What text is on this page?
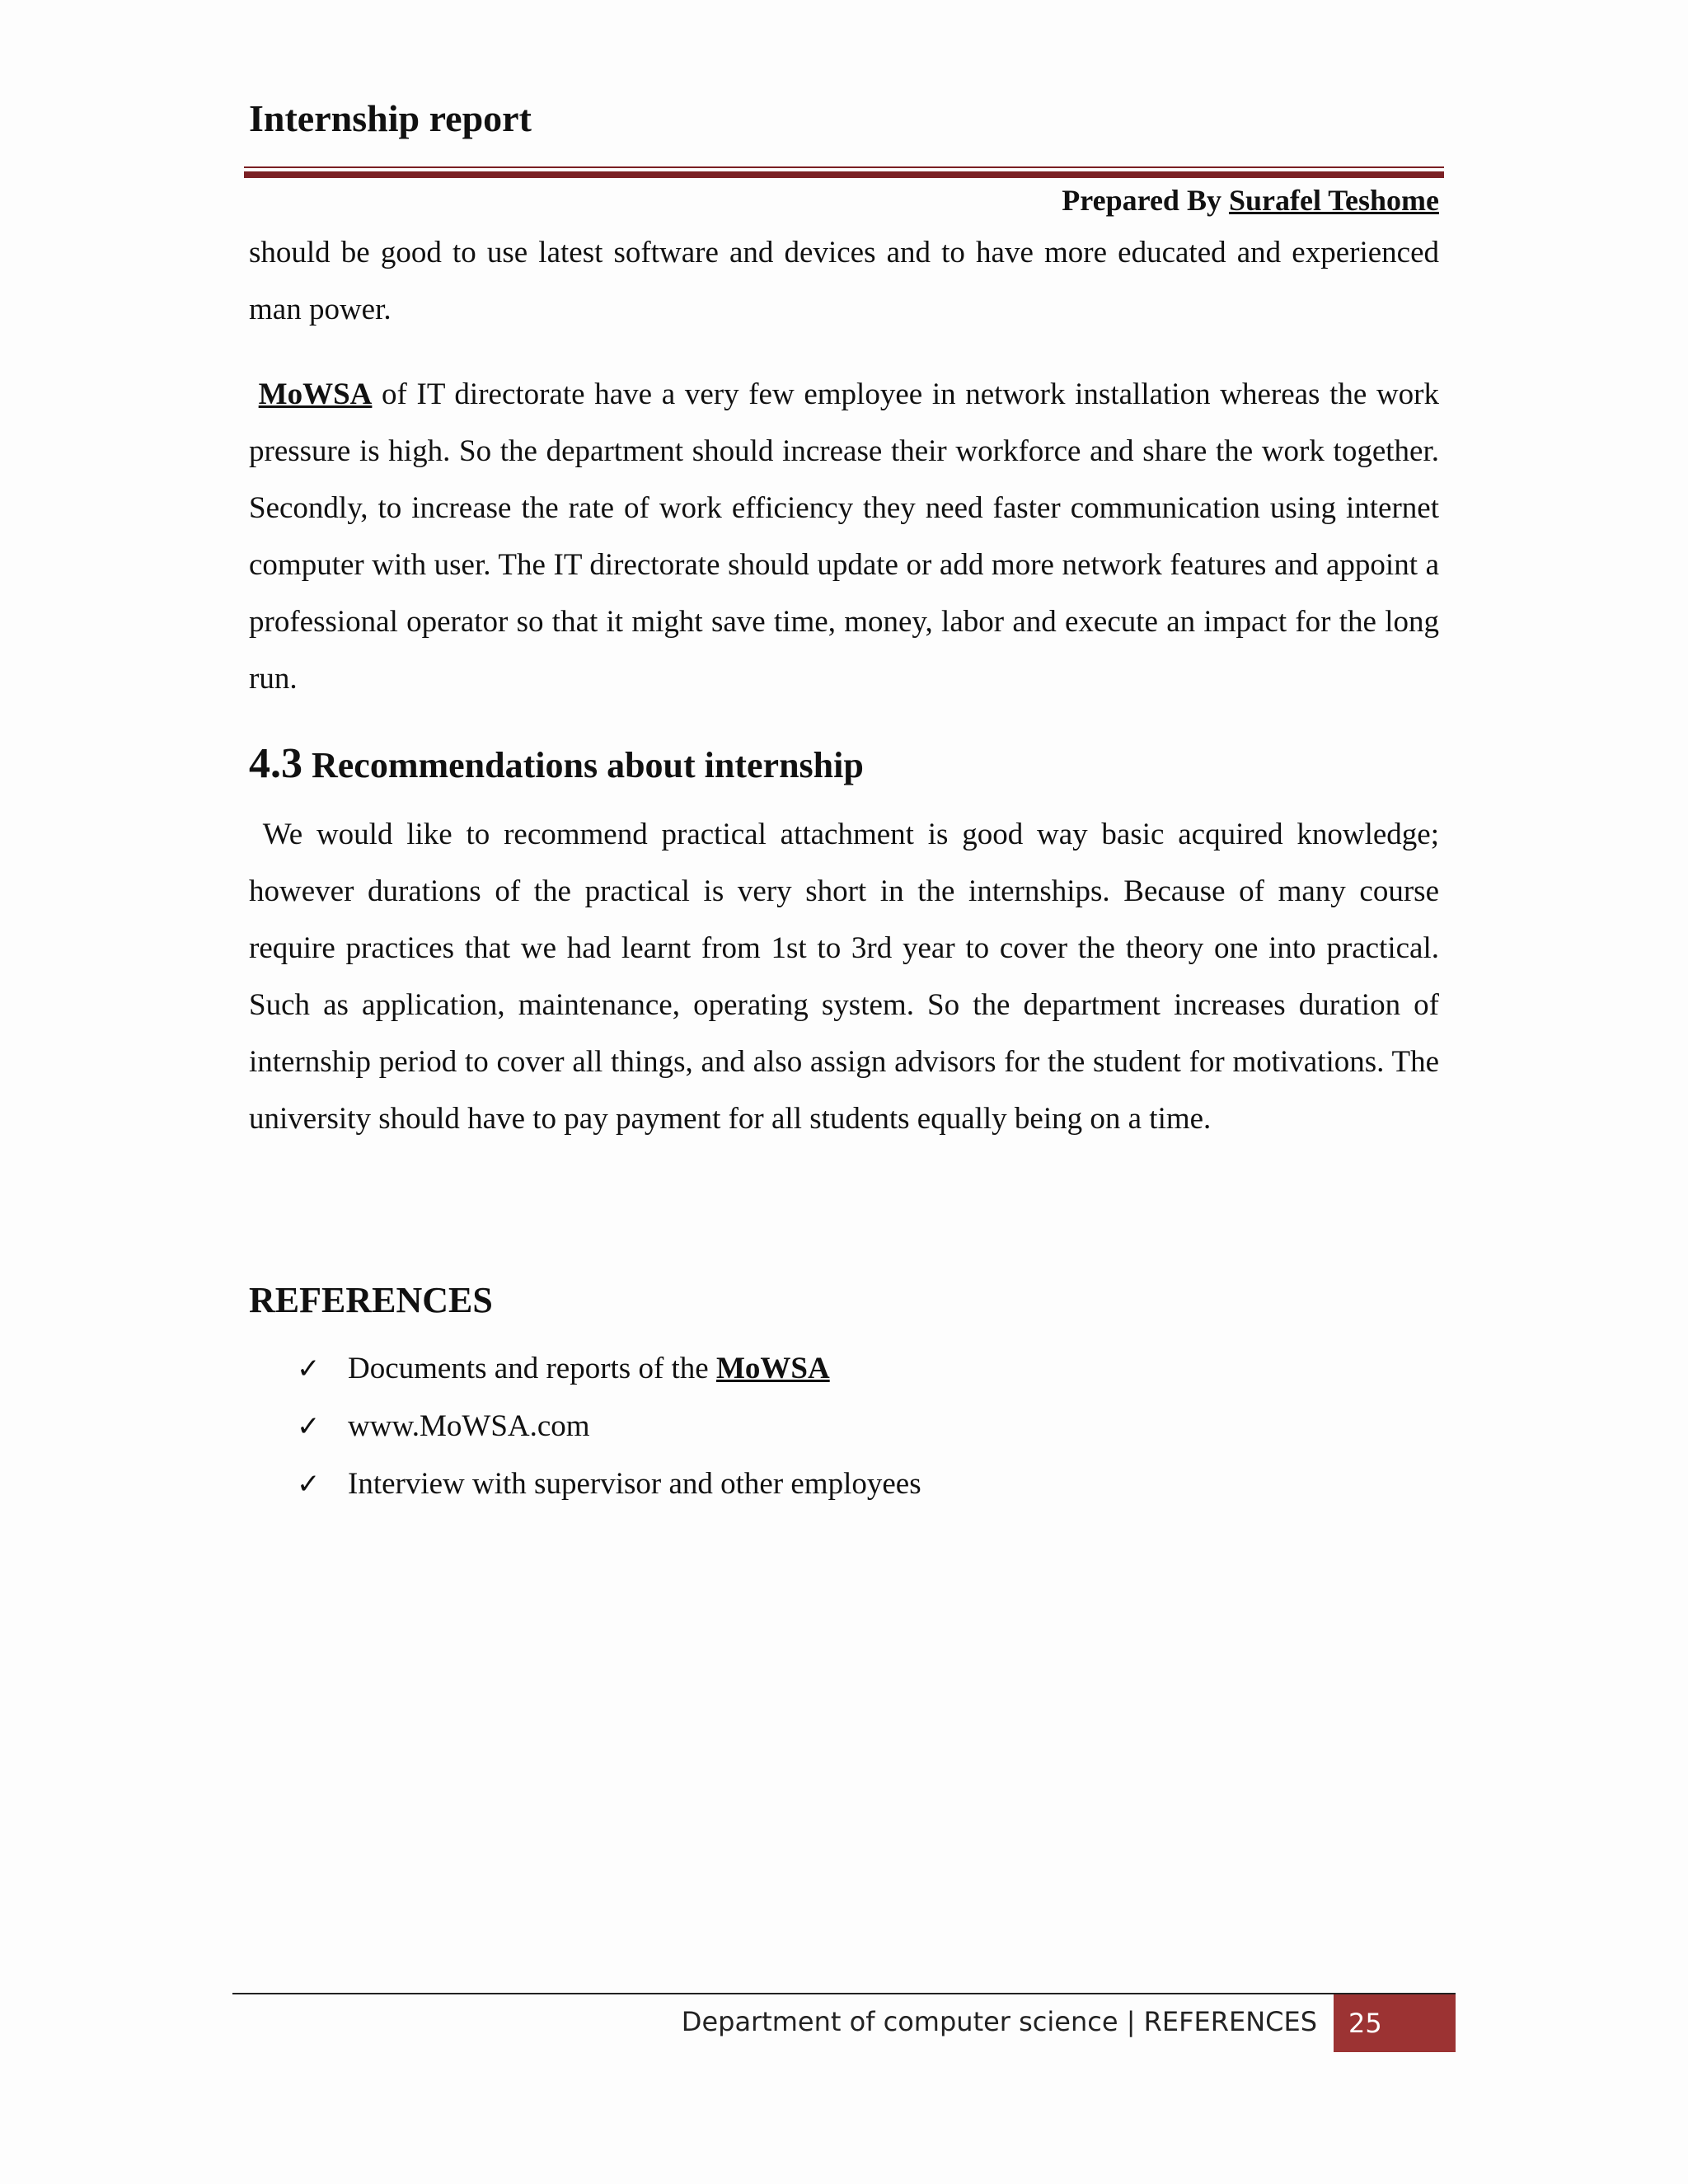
Internship report
Prepared By Surafel Teshome

should be good to use latest software and devices and to have more educated and experienced man power.

MoWSA of IT directorate have a very few employee in network installation whereas the work pressure is high. So the department should increase their workforce and share the work together. Secondly, to increase the rate of work efficiency they need faster communication using internet computer with user. The IT directorate should update or add more network features and appoint a professional operator so that it might save time, money, labor and execute an impact for the long run.

4.3 Recommendations about internship

We would like to recommend practical attachment is good way basic acquired knowledge; however durations of the practical is very short in the internships. Because of many course require practices that we had learnt from 1st to 3rd year to cover the theory one into practical. Such as application, maintenance, operating system. So the department increases duration of internship period to cover all things, and also assign advisors for the student for motivations. The university should have to pay payment for all students equally being on a time.

REFERENCES
✓ Documents and reports of the MoWSA
✓ www.MoWSA.com
✓ Interview with supervisor and other employees
Department of computer science | REFERENCES	25
